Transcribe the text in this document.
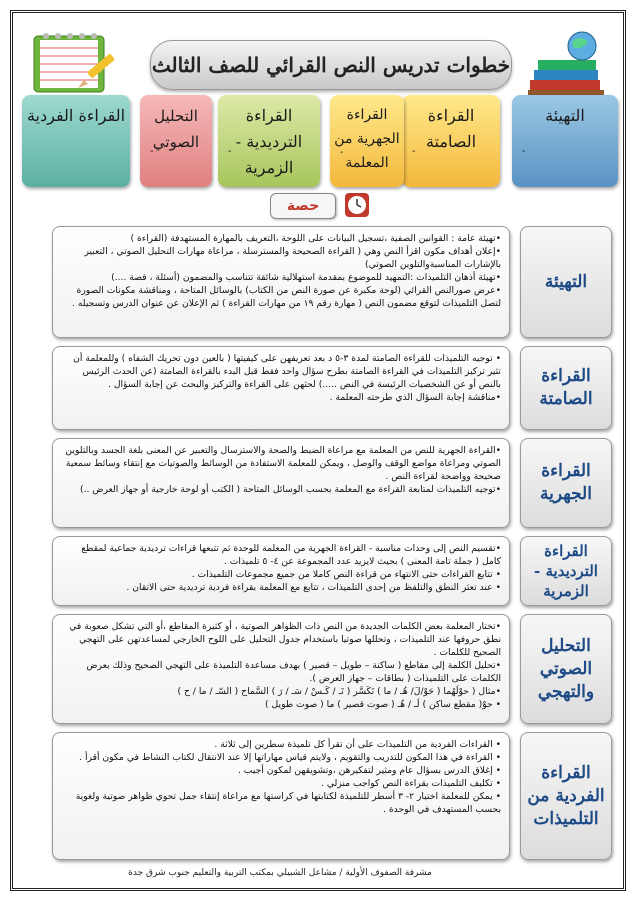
خطوات تدريس النص القرائي للصف الثالث
التهيئة
-
القراءة الصامتة
-
القراءة الجهرية من المعلمة
-
القراءة الترديدية - الزمرية
-
التحليل الصوتي
-
القراءة الفردية
حصة
التهيئة

•تهيئة عامة : القوانين الصفية ،تسجيل البيانات على اللوحة ،التعريف بالمهارة المستهدفة (القراءة )

•إعلان أهداف مكون اقرأ النص وهي ( القراءة الصحيحة والمسترسلة ، مراعاة مهارات التحليل الصوتي ، التعبير بالإشارات المناسبةوالتلوين الصوتي)

•تهيئة أذهان التلميذات :التمهيد للموضوع بمقدمة استهلالية شائقة تتناسب والمضمون (أسئلة ، قصة ....)

•عرض صورالنص القرائي (لوحة مكبرة عن صورة النص من الكتاب) بالوسائل المتاحة ، ومناقشة مكونات الصورة لتصل التلميذات لتوقع مضمون النص ( مهارة رقم ١٩ من مهارات القراءة ) ثم الإعلان عن عنوان الدرس وتسجيله .

القراءة الصامتة

• توجيه التلميذات للقراءة الصامتة لمدة ٣-٥ د بعد تعريفهن على كيفيتها ( بالعين دون تحريك الشفاه ) وللمعلمة أن تثير تركيز التلميذات في القراءة الصامتة بطرح سؤال واحد فقط قبل البدء بالقراءة الصامتة (عن الحدث الرئيس بالنص أو عن الشخصيات الرئيسة في النص .....) لحثهن على القراءة والتركيز والبحث عن إجابة السؤال .

•مناقشة إجابة السؤال الذي طرحته المعلمة .

القراءة الجهرية

•القراءة الجهرية للنص من المعلمة مع مراعاة الضبط والصحة والاسترسال والتعبير عن المعنى بلغة الجسد وبالتلوين الصوتي ومراعاة مواضع الوقف والوصل ، ويمكن للمعلمة الاستفادة من الوسائط والصوتيات مع إنتقاء وسائط سمعية صحيحة وواضحة لقراءة النص .

•توجيه التلميذات لمتابعة القراءة مع المعلمة بحسب الوسائل المتاحة ( الكتب أو لوحة خارجية أو جهاز العرض ..)

القراءة الترديدية - الزمرية

•تقسيم النص إلى وحدات مناسبة - القراءة الجهرية من المعلمة للوحدة ثم تتبعها قراءات ترديدية جماعية لمقطع كامل ( جملة تامة المعنى ) بحيث لايزيد عدد المجموعة عن ٤- ٥ تلميذات .

• تتابع القراءات حتى الانتهاء من قراءة النص كاملا من جميع مجموعات التلميذات .

• عند تعثر النطق والتلفظ من إحدى التلميذات ، تتابع مع المعلمة بقراءة فردية ترديدية حتى الاتقان .

التحليل الصوتي والتهجي

•تختار المعلمة بعض الكلمات الجديدة من النص ذات الظواهر الصوتية ، أو كثيرة المقاطع ،أو التي تشكل صعوبة في نطق حروفها عند التلميذات ، وتحللها صوتيا باستخدام جدول التحليل على اللوح الخارجي لمساعدتهن على التهجي الصحيح للكلمات .

•تحليل الكلمة إلى مقاطع ( ساكنة – طويل – قصير ) بهدف مساعدة التلميذة على التهجي الصحيح وذلك بعرض الكلمات على التلميذات ( بطاقات – جهاز العرض ).

•مثال ( حوْلَهُما ( حَوْ/لَ/ هُـ / ما ) تَكَسَّر ( تَـ / كَـسْ / سَـ / رَ ) السَّماح ( السّـ / ما / ح )

• حوْ( مقطع ساكن ) لَـ / هُـ ( صوت قصير ) ما ( صوت طويل )

القراءة الفردية من التلميذات

• القراءات الفردية من التلميذات على أن تقرأ كل تلميذة سطرين إلى ثلاثة .

• القراءة في هذا المكون للتدريب والتقويم ، ولايتم قياس مهاراتها إلا عند الانتقال لكتاب النشاط في مكون أقرأ .

• إغلاق الدرس بسؤال عام ومثير لتفكيرهن ،وتشويقهن لمكون أجيب .

• تكليف التلميذات بقراءة النص كواجب منزلي .

• يمكن للمعلمة اختيار ٢- ٣ أسطر للتلميذة لكتابتها في كراستها مع مراعاة إنتقاء جمل تحوي ظواهر صوتية ولغوية بحسب المستهدف في الوحدة .

مشرفة الصفوف الأولية / مشاعل الشبيلي بمكتب التربية والتعليم جنوب شرق جدة
